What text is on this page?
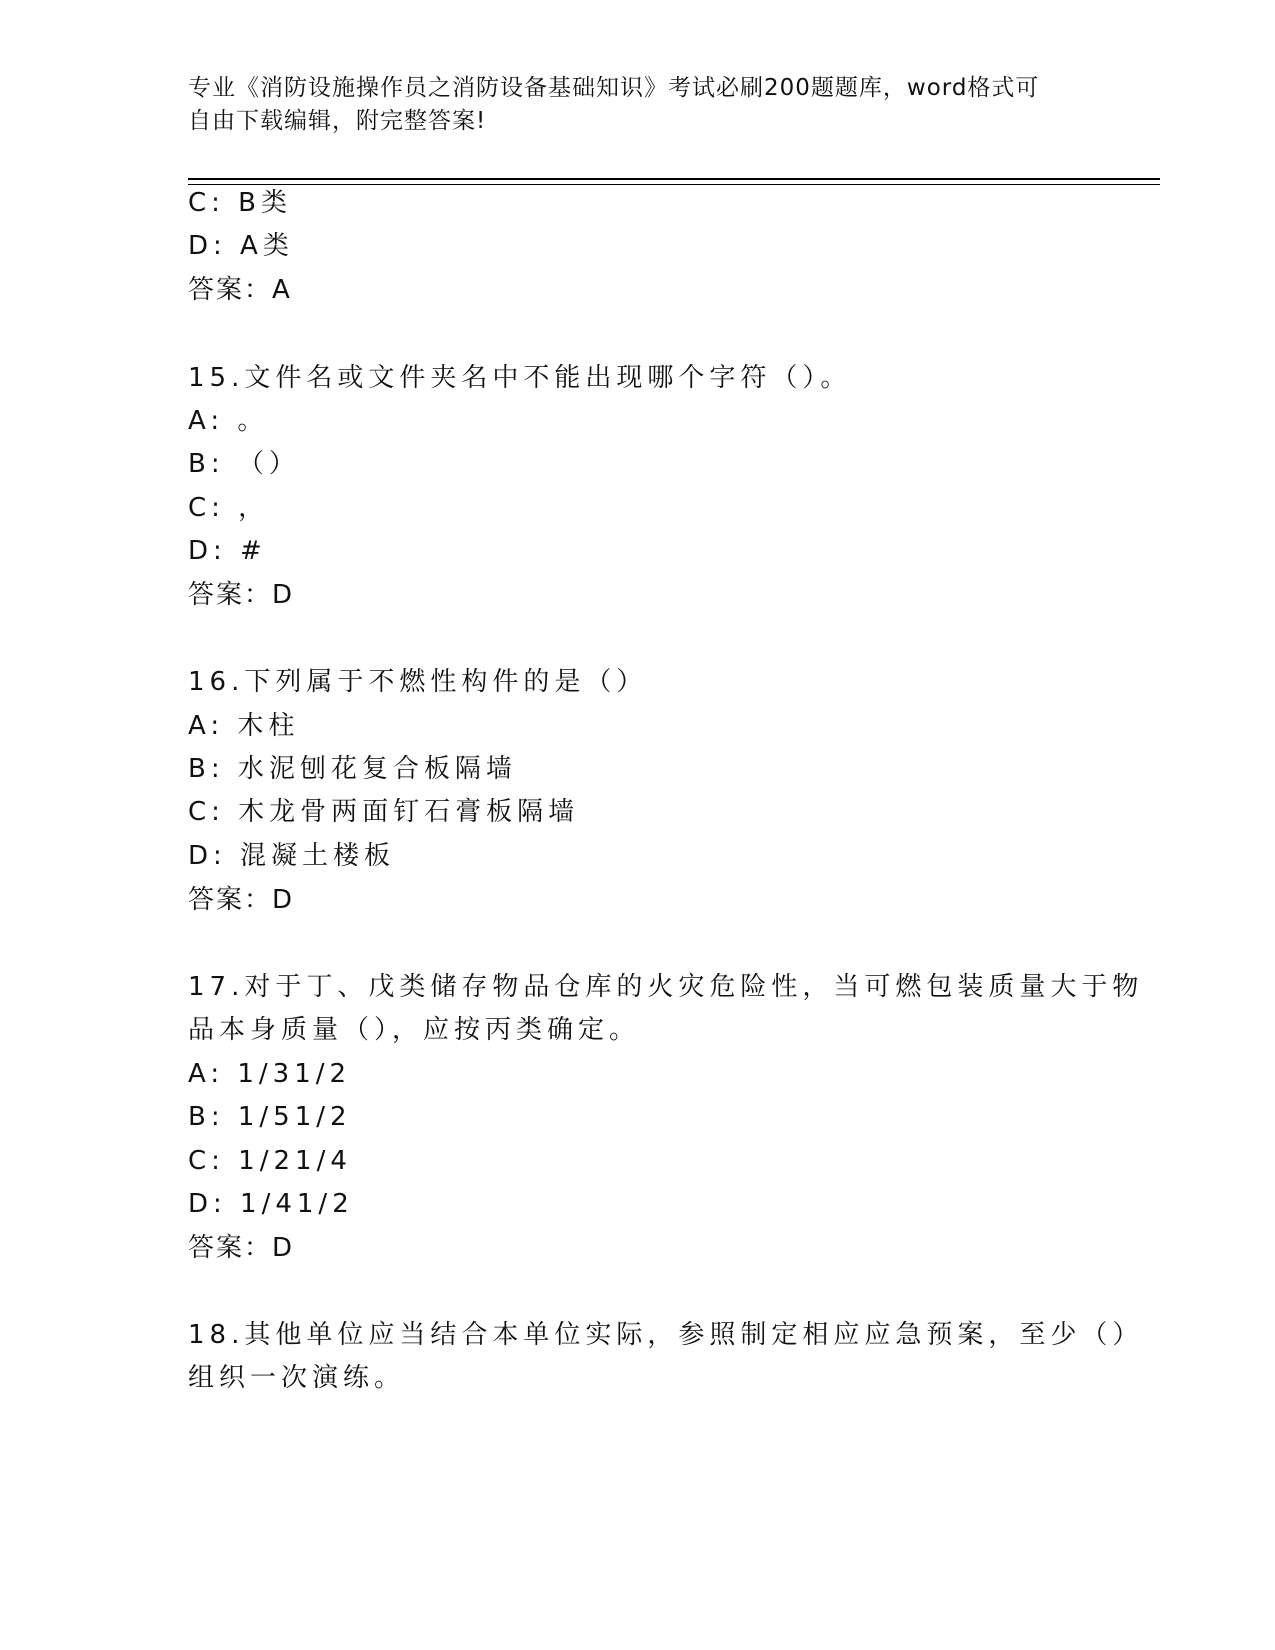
专业《消防设施操作员之消防设备基础知识》考试必刷200题题库，word格式可
自由下载编辑，附完整答案!
C: B类
D: A类
答案：A
15.文件名或文件夹名中不能出现哪个字符（）。
A: 。
B: （）
C: ，
D: #
答案：D
16.下列属于不燃性构件的是（）
A: 木柱
B: 水泥刨花复合板隔墙
C: 木龙骨两面钉石膏板隔墙
D: 混凝土楼板
答案：D
17.对于丁、戊类储存物品仓库的火灾危险性，当可燃包装质量大于物
品本身质量（），应按丙类确定。
A: 1/31/2
B: 1/51/2
C: 1/21/4
D: 1/41/2
答案：D
18.其他单位应当结合本单位实际，参照制定相应应急预案，至少（）
组织一次演练。
